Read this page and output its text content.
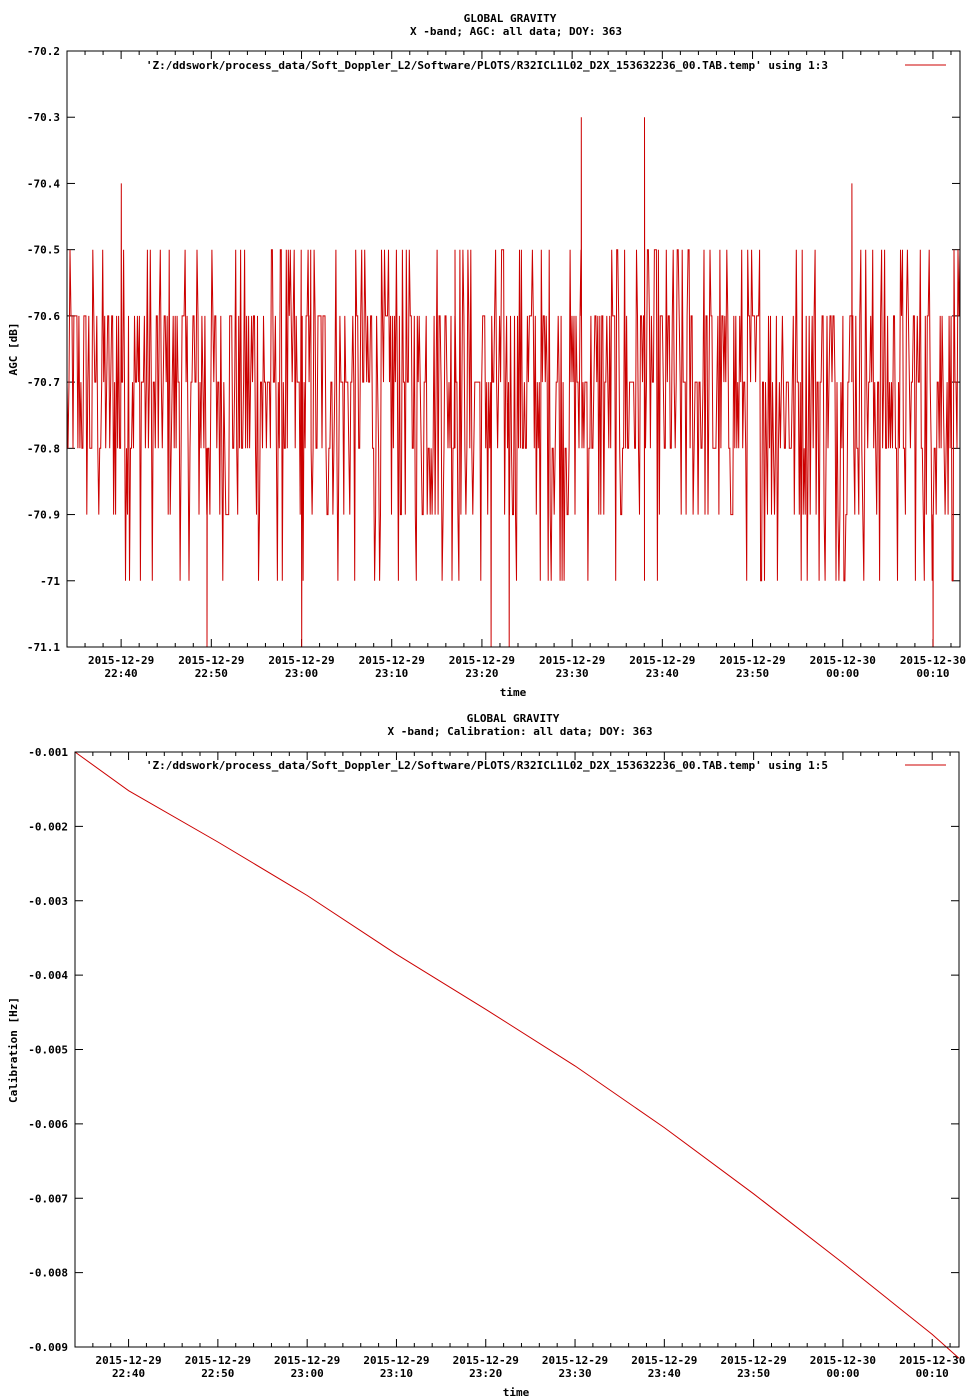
GLOBAL GRAVITY
X -band; AGC: all data; DOY: 363
-70.2
-70.3
-70.4
-70.5
-70.6
-70.7
-70.8
-70.9
-71
-71.1
2015-12-29
22:40
2015-12-29
22:50
2015-12-29
23:00
2015-12-29
23:10
2015-12-29
23:20
2015-12-29
23:30
2015-12-29
23:40
2015-12-29
23:50
2015-12-30
00:00
2015-12-30
00:10
'Z:/ddswork/process_data/Soft_Doppler_L2/Software/PLOTS/R32ICL1L02_D2X_153632236_00.TAB.temp' using 1:3
AGC [dB]
time
GLOBAL GRAVITY
X -band; Calibration: all data; DOY: 363
-0.001
-0.002
-0.003
-0.004
-0.005
-0.006
-0.007
-0.008
-0.009
2015-12-29
22:40
2015-12-29
22:50
2015-12-29
23:00
2015-12-29
23:10
2015-12-29
23:20
2015-12-29
23:30
2015-12-29
23:40
2015-12-29
23:50
2015-12-30
00:00
2015-12-30
00:10
'Z:/ddswork/process_data/Soft_Doppler_L2/Software/PLOTS/R32ICL1L02_D2X_153632236_00.TAB.temp' using 1:5
Calibration [Hz]
time
